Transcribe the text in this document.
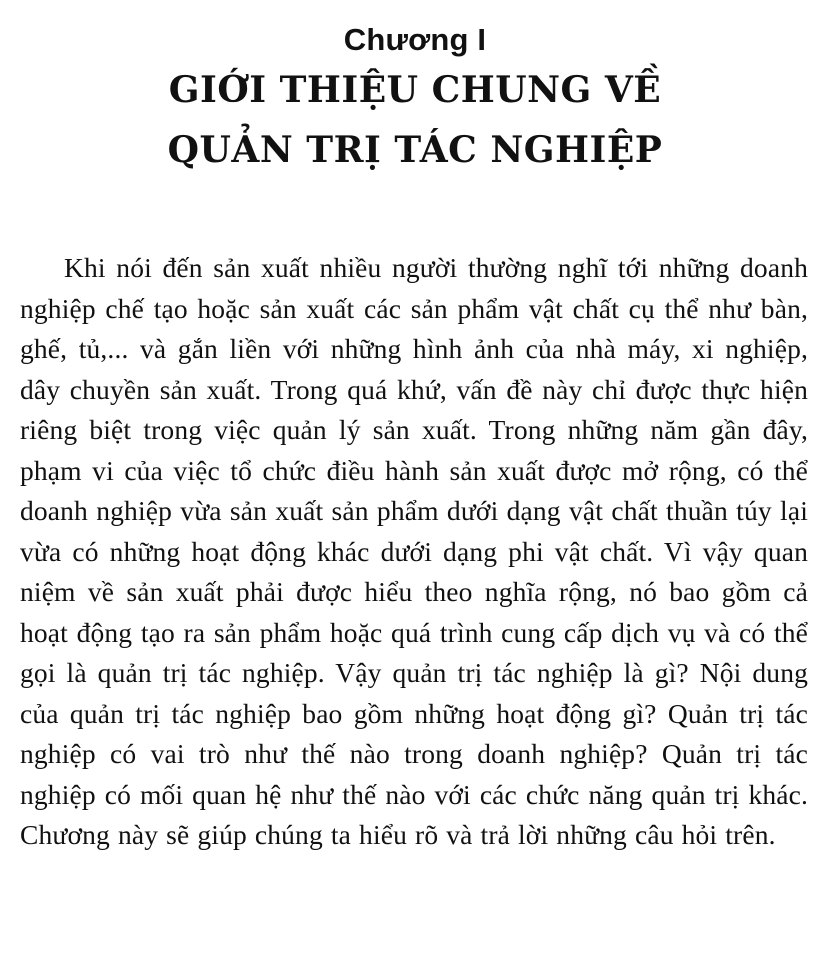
Chương I
GIỚI THIỆU CHUNG VỀ
QUẢN TRỊ TÁC NGHIỆP

Khi nói đến sản xuất nhiều người thường nghĩ tới những doanh nghiệp chế tạo hoặc sản xuất các sản phẩm vật chất cụ thể như bàn, ghế, tủ,... và gắn liền với những hình ảnh của nhà máy, xi nghiệp, dây chuyền sản xuất. Trong quá khứ, vấn đề này chỉ được thực hiện riêng biệt trong việc quản lý sản xuất. Trong những năm gần đây, phạm vi của việc tổ chức điều hành sản xuất được mở rộng, có thể doanh nghiệp vừa sản xuất sản phẩm dưới dạng vật chất thuần túy lại vừa có những hoạt động khác dưới dạng phi vật chất. Vì vậy quan niệm về sản xuất phải được hiểu theo nghĩa rộng, nó bao gồm cả hoạt động tạo ra sản phẩm hoặc quá trình cung cấp dịch vụ và có thể gọi là quản trị tác nghiệp. Vậy quản trị tác nghiệp là gì? Nội dung của quản trị tác nghiệp bao gồm những hoạt động gì? Quản trị tác nghiệp có vai trò như thế nào trong doanh nghiệp? Quản trị tác nghiệp có mối quan hệ như thế nào với các chức năng quản trị khác. Chương này sẽ giúp chúng ta hiểu rõ và trả lời những câu hỏi trên.
